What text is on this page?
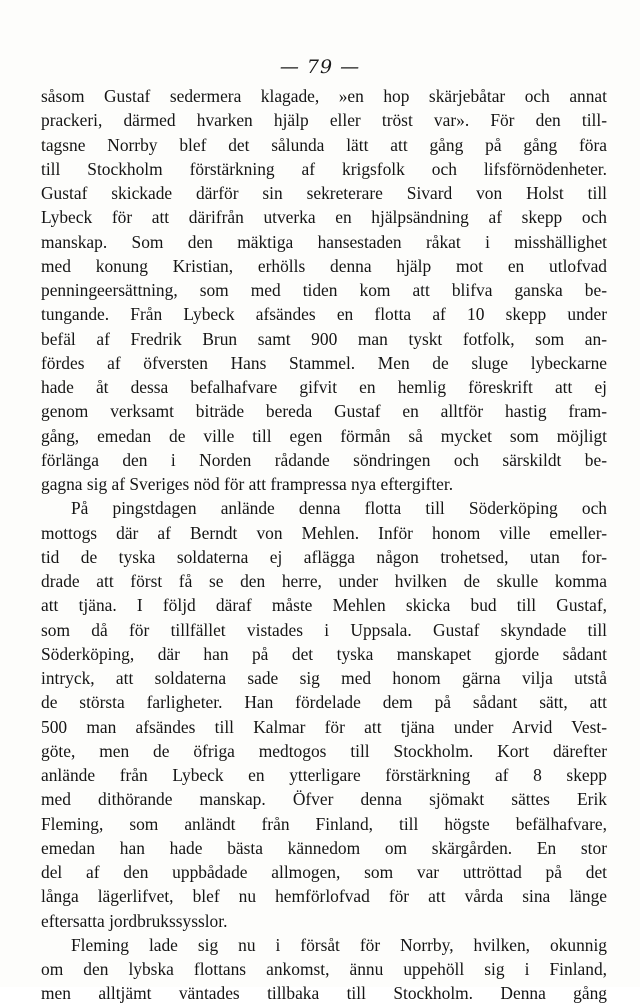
— 79 —
såsom Gustaf sedermera klagade, »en hop skärjebåtar och annat
prackeri, därmed hvarken hjälp eller tröst var». För den till-
tagsne Norrby blef det sålunda lätt att gång på gång föra
till Stockholm förstärkning af krigsfolk och lifsförnödenheter.
Gustaf skickade därför sin sekreterare Sivard von Holst till
Lybeck för att därifrån utverka en hjälpsändning af skepp och
manskap. Som den mäktiga hansestaden råkat i misshällighet
med konung Kristian, erhölls denna hjälp mot en utlofvad
penningeersättning, som med tiden kom att blifva ganska be-
tungande. Från Lybeck afsändes en flotta af 10 skepp under
befäl af Fredrik Brun samt 900 man tyskt fotfolk, som an-
fördes af öfversten Hans Stammel. Men de sluge lybeckarne
hade åt dessa befalhafvare gifvit en hemlig föreskrift att ej
genom verksamt biträde bereda Gustaf en alltför hastig fram-
gång, emedan de ville till egen förmån så mycket som möjligt
förlänga den i Norden rådande söndringen och särskildt be-
gagna sig af Sveriges nöd för att frampressa nya eftergifter.
På pingstdagen anlände denna flotta till Söderköping och
mottogs där af Berndt von Mehlen. Inför honom ville emeller-
tid de tyska soldaterna ej aflägga någon trohetsed, utan for-
drade att först få se den herre, under hvilken de skulle komma
att tjäna. I följd däraf måste Mehlen skicka bud till Gustaf,
som då för tillfället vistades i Uppsala. Gustaf skyndade till
Söderköping, där han på det tyska manskapet gjorde sådant
intryck, att soldaterna sade sig med honom gärna vilja utstå
de största farligheter. Han fördelade dem på sådant sätt, att
500 man afsändes till Kalmar för att tjäna under Arvid Vest-
göte, men de öfriga medtogos till Stockholm. Kort därefter
anlände från Lybeck en ytterligare förstärkning af 8 skepp
med dithörande manskap. Öfver denna sjömakt sättes Erik
Fleming, som anländt från Finland, till högste befälhafvare,
emedan han hade bästa kännedom om skärgården. En stor
del af den uppbådade allmogen, som var uttröttad på det
långa lägerlifvet, blef nu hemförlofvad för att vårda sina länge
eftersatta jordbrukssysslor.
Fleming lade sig nu i försåt för Norrby, hvilken, okunnig
om den lybska flottans ankomst, ännu uppehöll sig i Finland,
men alltjämt väntades tillbaka till Stockholm. Denna gång
